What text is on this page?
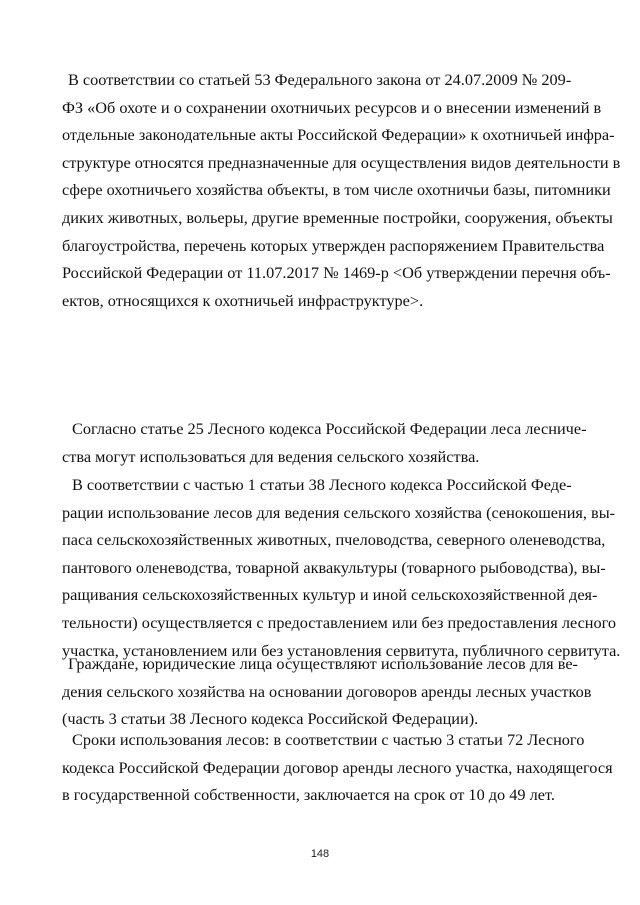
В соответствии со статьей 53 Федерального закона от 24.07.2009 № 209-
ФЗ «Об охоте и о сохранении охотничьих ресурсов и о внесении изменений в
отдельные законодательные акты Российской Федерации» к охотничьей инфра-
структуре относятся предназначенные для осуществления видов деятельности в
сфере охотничьего хозяйства объекты, в том числе охотничьи базы, питомники
диких животных, вольеры, другие временные постройки, сооружения, объекты
благоустройства, перечень которых утвержден распоряжением Правительства
Российской Федерации от 11.07.2017 № 1469-р <Об утверждении перечня объ-
ектов, относящихся к охотничьей инфраструктуре>.
Согласно статье 25 Лесного кодекса Российской Федерации леса лесниче-
ства могут использоваться для ведения сельского хозяйства.
В соответствии с частью 1 статьи 38 Лесного кодекса Российской Феде-
рации использование лесов для ведения сельского хозяйства (сенокошения, вы-
паса сельскохозяйственных животных, пчеловодства, северного оленеводства,
пантового оленеводства, товарной аквакультуры (товарного рыбоводства), вы-
ращивания сельскохозяйственных культур и иной сельскохозяйственной дея-
тельности) осуществляется с предоставлением или без предоставления лесного
участка, установлением или без установления сервитута, публичного сервитута.
Граждане, юридические лица осуществляют использование лесов для ве-
дения сельского хозяйства на основании договоров аренды лесных участков
(часть 3 статьи 38 Лесного кодекса Российской Федерации).
Сроки использования лесов: в соответствии с частью 3 статьи 72 Лесного
кодекса Российской Федерации договор аренды лесного участка, находящегося
в государственной собственности, заключается на срок от 10 до 49 лет.
148
